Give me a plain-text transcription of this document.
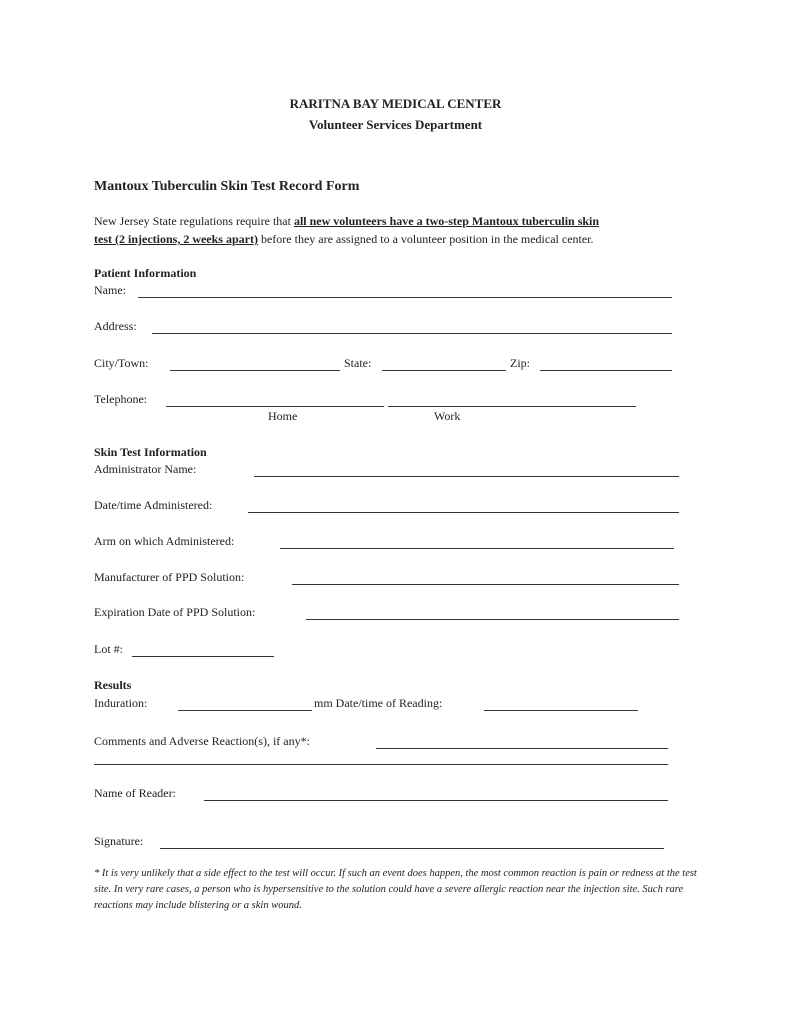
RARITNA BAY MEDICAL CENTER
Volunteer Services Department
Mantoux Tuberculin Skin Test Record Form
New Jersey State regulations require that all new volunteers have a two-step Mantoux tuberculin skin
test (2 injections, 2 weeks apart) before they are assigned to a volunteer position in the medical center.
Patient Information
Name:
Address:
City/Town:	State:	Zip:
Telephone:
Home	Work
Skin Test Information
Administrator Name:
Date/time Administered:
Arm on which Administered:
Manufacturer of PPD Solution:
Expiration Date of PPD Solution:
Lot #:
Results
Induration:	mm Date/time of Reading:
Comments and Adverse Reaction(s), if any*:
Name of Reader:
Signature:
* It is very unlikely that a side effect to the test will occur. If such an event does happen, the most common reaction is pain or redness at the test site. In very rare cases, a person who is hypersensitive to the solution could have a severe allergic reaction near the injection site. Such rare reactions may include blistering or a skin wound.
